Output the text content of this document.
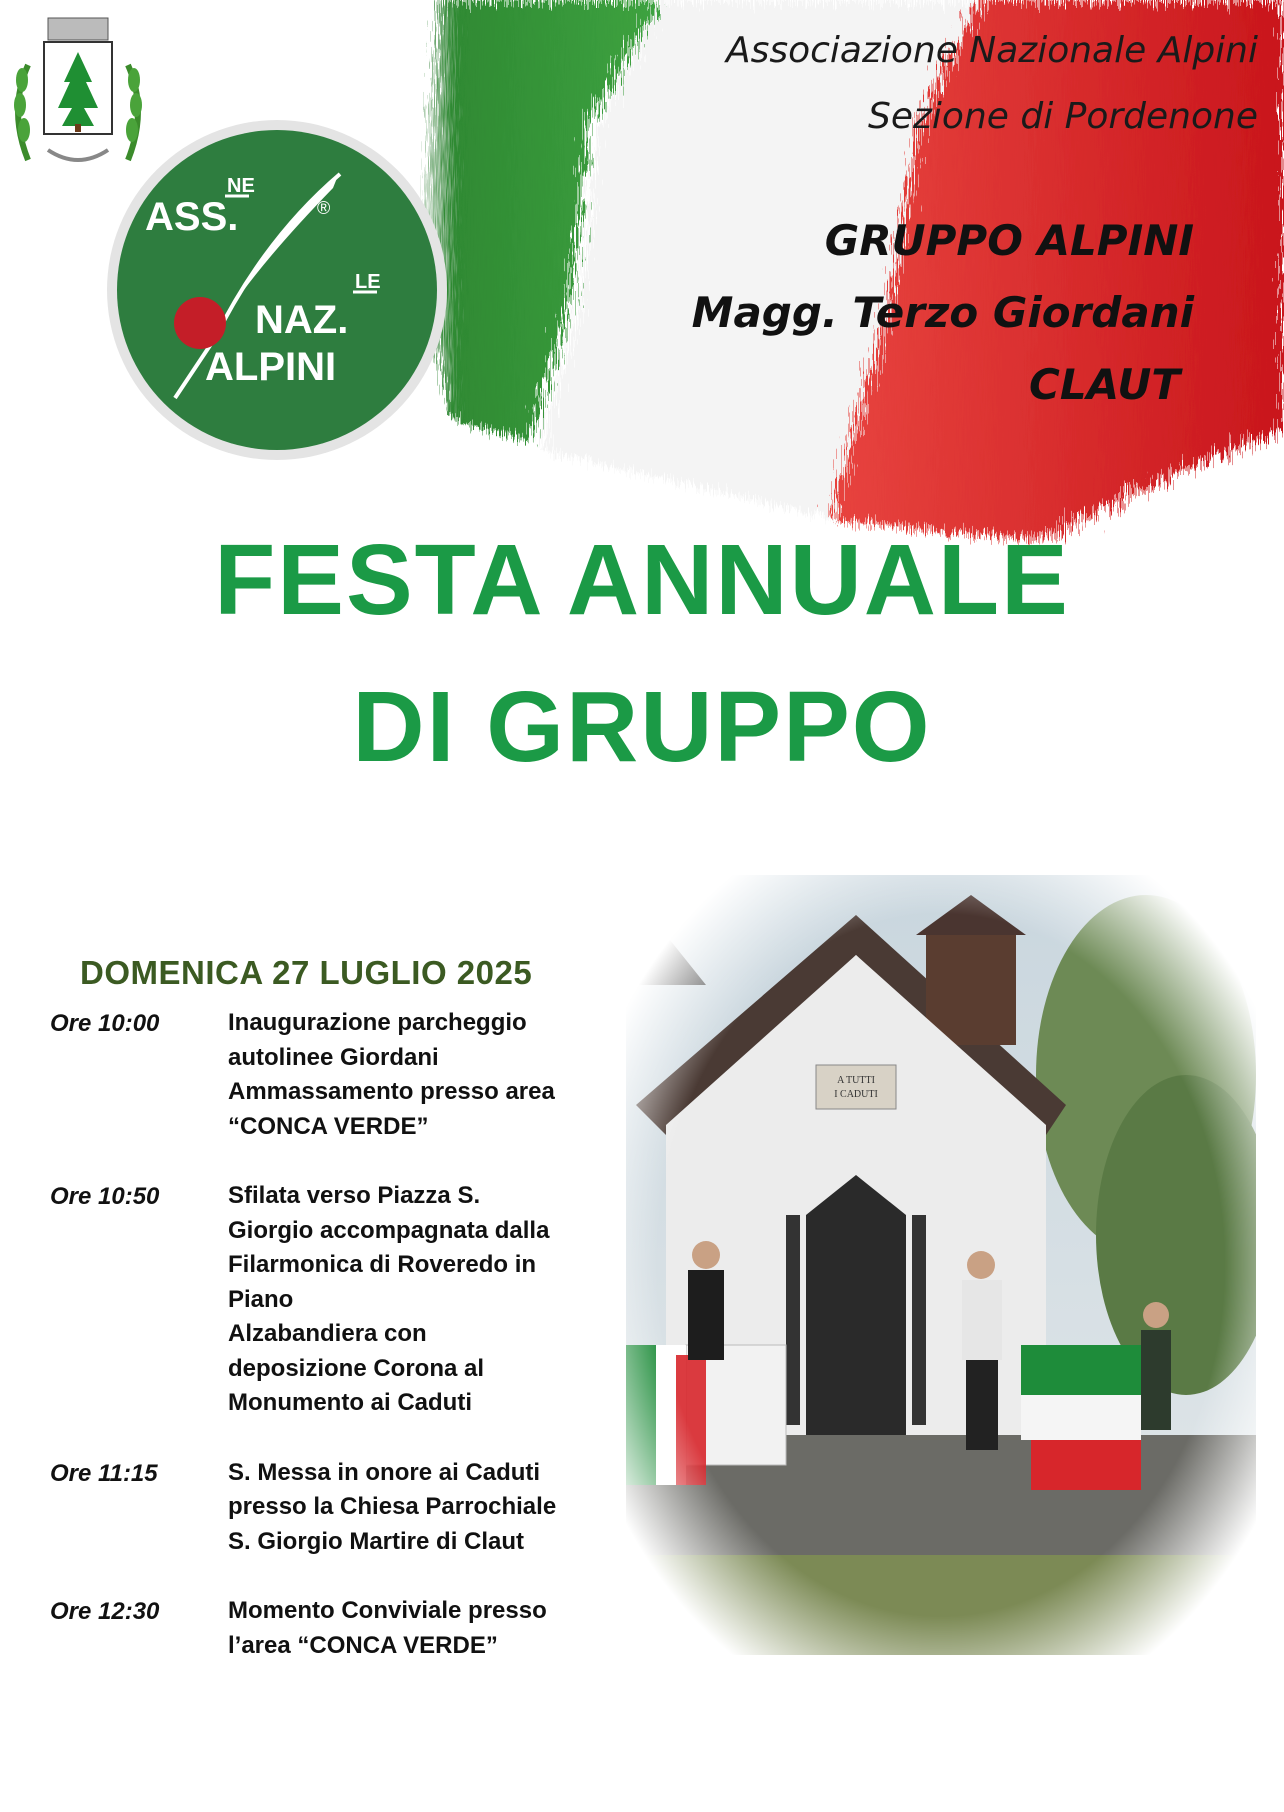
ASS.
NE
®
NAZ.
LE
ALPINI
Associazione Nazionale Alpini
Sezione di Pordenone
GRUPPO ALPINI
Magg. Terzo Giordani
CLAUT
FESTA ANNUALE
DI GRUPPO
DOMENICA 27 LUGLIO 2025
Ore 10:00	Inaugurazione parcheggio
autolinee Giordani
Ammassamento presso area
“CONCA VERDE”
Ore 10:50	Sfilata verso Piazza S.
Giorgio accompagnata dalla
Filarmonica di Roveredo in
Piano
Alzabandiera con
deposizione Corona al
Monumento ai Caduti
Ore 11:15	S. Messa in onore ai Caduti
presso la Chiesa Parrochiale
S. Giorgio Martire di Claut
Ore 12:30	Momento Conviviale presso
l’area “CONCA VERDE”
